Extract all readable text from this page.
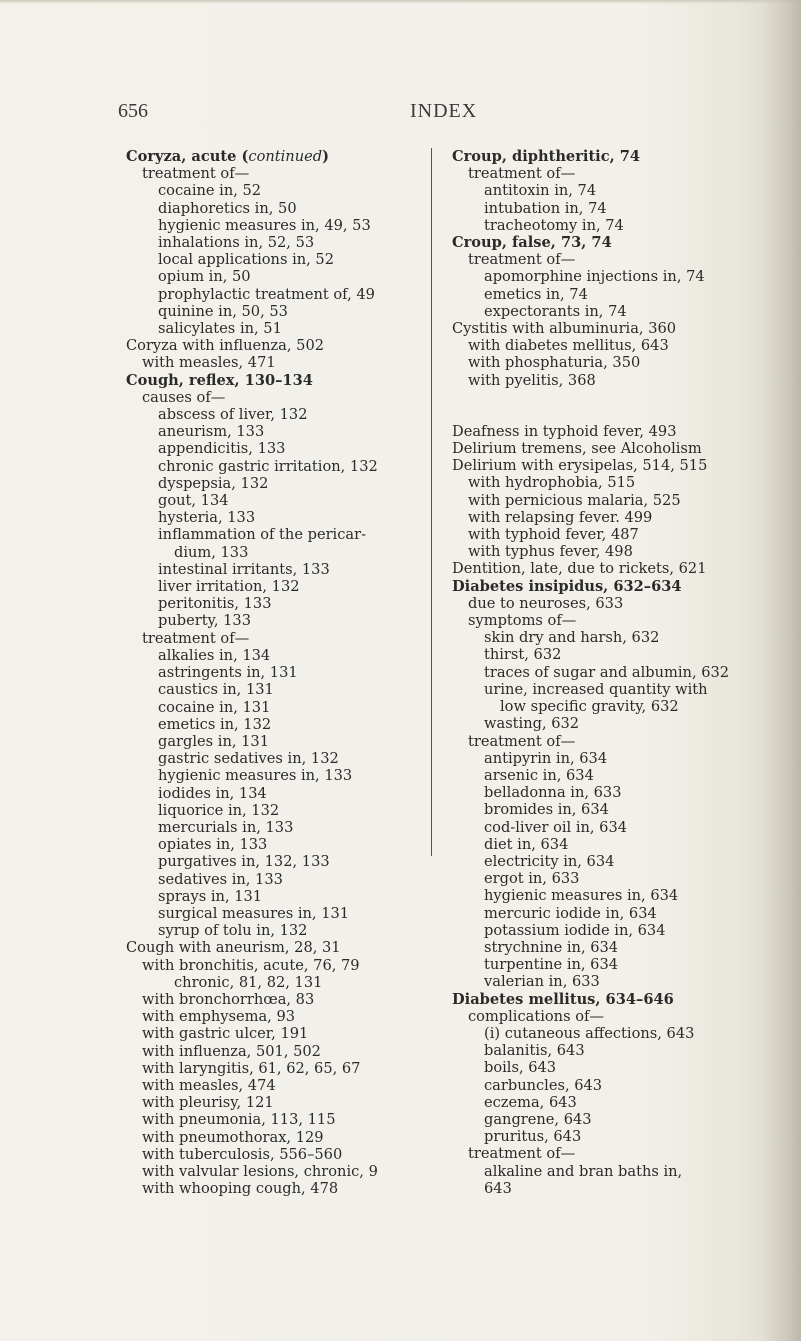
656	INDEX
Coryza, acute (continued)
treatment of—
cocaine in, 52
diaphoretics in, 50
hygienic measures in, 49, 53
inhalations in, 52, 53
local applications in, 52
opium in, 50
prophylactic treatment of, 49
quinine in, 50, 53
salicylates in, 51
Coryza with influenza, 502
with measles, 471
Cough, reflex, 130–134
causes of—
abscess of liver, 132
aneurism, 133
appendicitis, 133
chronic gastric irritation, 132
dyspepsia, 132
gout, 134
hysteria, 133
inflammation of the pericar-
dium, 133
intestinal irritants, 133
liver irritation, 132
peritonitis, 133
puberty, 133
treatment of—
alkalies in, 134
astringents in, 131
caustics in, 131
cocaine in, 131
emetics in, 132
gargles in, 131
gastric sedatives in, 132
hygienic measures in, 133
iodides in, 134
liquorice in, 132
mercurials in, 133
opiates in, 133
purgatives in, 132, 133
sedatives in, 133
sprays in, 131
surgical measures in, 131
syrup of tolu in, 132
Cough with aneurism, 28, 31
with bronchitis, acute, 76, 79
chronic, 81, 82, 131
with bronchorrhœa, 83
with emphysema, 93
with gastric ulcer, 191
with influenza, 501, 502
with laryngitis, 61, 62, 65, 67
with measles, 474
with pleurisy, 121
with pneumonia, 113, 115
with pneumothorax, 129
with tuberculosis, 556–560
with valvular lesions, chronic, 9
with whooping cough, 478
Croup, diphtheritic, 74
treatment of—
antitoxin in, 74
intubation in, 74
tracheotomy in, 74
Croup, false, 73, 74
treatment of—
apomorphine injections in, 74
emetics in, 74
expectorants in, 74
Cystitis with albuminuria, 360
with diabetes mellitus, 643
with phosphaturia, 350
with pyelitis, 368
Deafness in typhoid fever, 493
Delirium tremens, see Alcoholism
Delirium with erysipelas, 514, 515
with hydrophobia, 515
with pernicious malaria, 525
with relapsing fever. 499
with typhoid fever, 487
with typhus fever, 498
Dentition, late, due to rickets, 621
Diabetes insipidus, 632–634
due to neuroses, 633
symptoms of—
skin dry and harsh, 632
thirst, 632
traces of sugar and albumin, 632
urine, increased quantity with
low specific gravity, 632
wasting, 632
treatment of—
antipyrin in, 634
arsenic in, 634
belladonna in, 633
bromides in, 634
cod-liver oil in, 634
diet in, 634
electricity in, 634
ergot in, 633
hygienic measures in, 634
mercuric iodide in, 634
potassium iodide in, 634
strychnine in, 634
turpentine in, 634
valerian in, 633
Diabetes mellitus, 634–646
complications of—
(i) cutaneous affections, 643
balanitis, 643
boils, 643
carbuncles, 643
eczema, 643
gangrene, 643
pruritus, 643
treatment of—
alkaline and bran baths in,
643
